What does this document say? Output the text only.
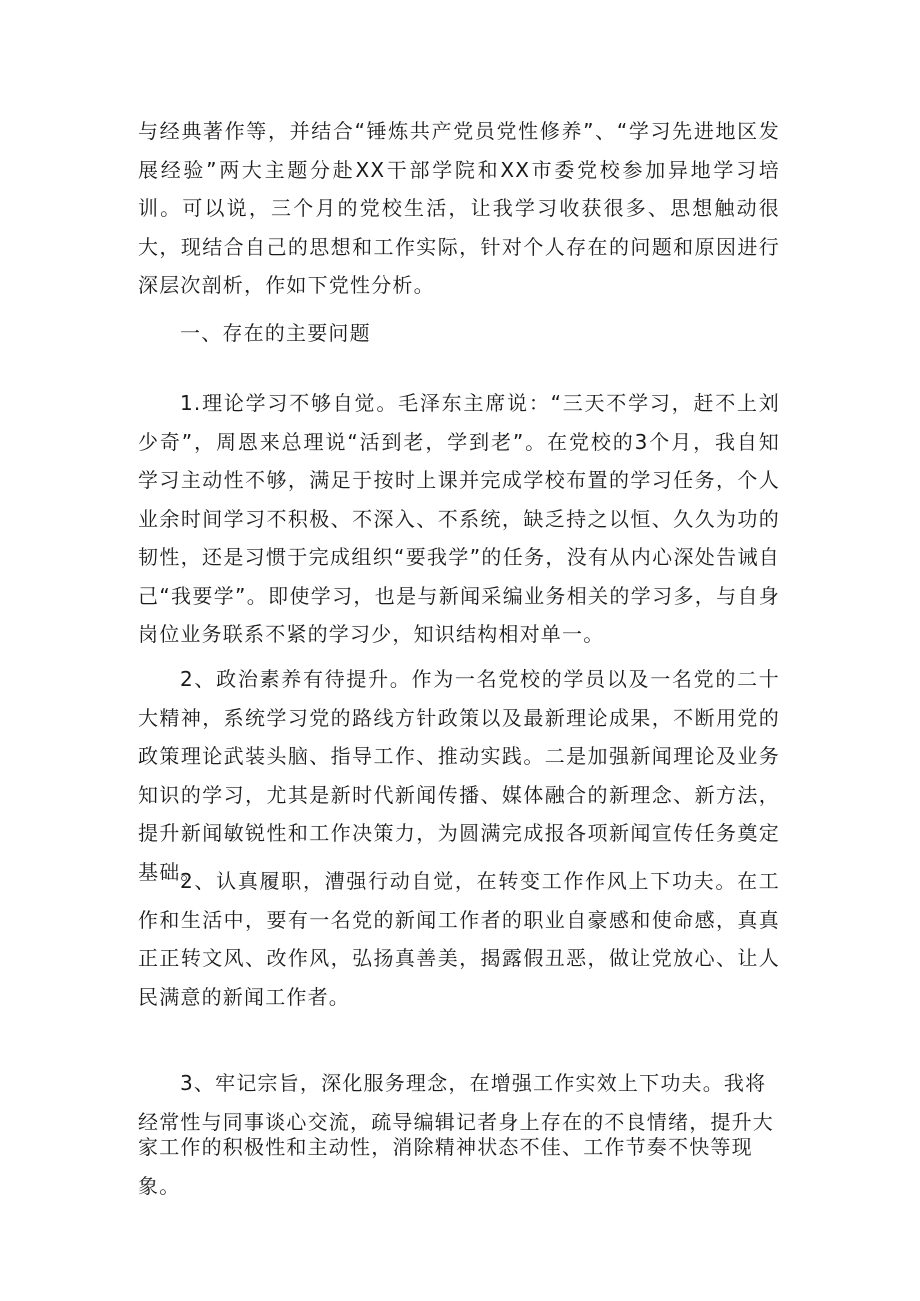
与经典著作等，并结合“锤炼共产党员党性修养”、“学习先进地区发展经验”两大主题分赴XX干部学院和XX市委党校参加异地学习培训。可以说，三个月的党校生活，让我学习收获很多、思想触动很大，现结合自己的思想和工作实际，针对个人存在的问题和原因进行深层次剖析，作如下党性分析。

一、存在的主要问题

1.理论学习不够自觉。毛泽东主席说：“三天不学习，赶不上刘少奇”，周恩来总理说“活到老，学到老”。在党校的3个月，我自知学习主动性不够，满足于按时上课并完成学校布置的学习任务，个人业余时间学习不积极、不深入、不系统，缺乏持之以恒、久久为功的韧性，还是习惯于完成组织“要我学”的任务，没有从内心深处告诫自己“我要学”。即使学习，也是与新闻采编业务相关的学习多，与自身岗位业务联系不紧的学习少，知识结构相对单一。

2、政治素养有待提升。作为一名党校的学员以及一名党的二十大精神，系统学习党的路线方针政策以及最新理论成果，不断用党的政策理论武装头脑、指导工作、推动实践。二是加强新闻理论及业务知识的学习，尤其是新时代新闻传播、媒体融合的新理念、新方法，提升新闻敏锐性和工作决策力，为圆满完成报各项新闻宣传任务奠定基础。

2、认真履职，漕强行动自觉，在转变工作作风上下功夫。在工作和生活中，要有一名党的新闻工作者的职业自豪感和使命感，真真正正转文风、改作风，弘扬真善美，揭露假丑恶，做让党放心、让人民满意的新闻工作者。

3、牢记宗旨，深化服务理念，在增强工作实效上下功夫。我将经常性与同事谈心交流，疏导编辑记者身上存在的不良情绪，提升大

家工作的积极性和主动性，消除精神状态不佳、工作节奏不快等现象。
